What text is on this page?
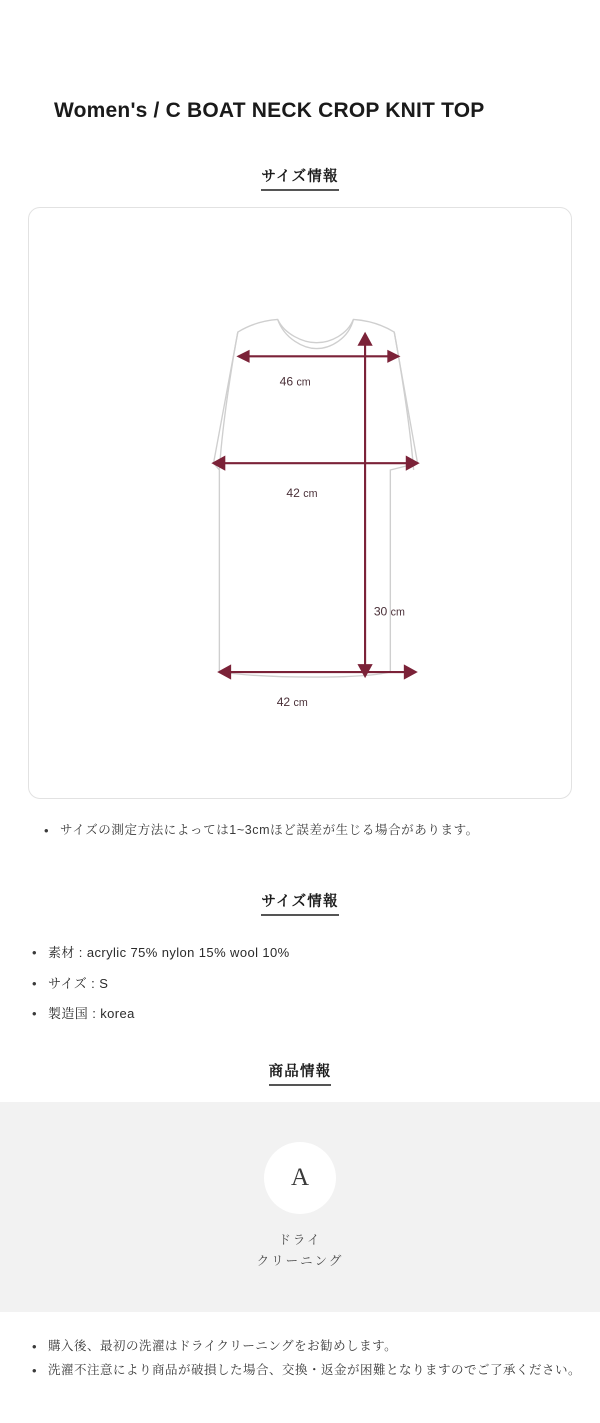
Women's / C BOAT NECK CROP KNIT TOP
サイズ情報
46 cm
42 cm
30 cm
42 cm
• サイズの測定方法によっては1~3cmほど誤差が生じる場合があります。
サイズ情報
• 素材 : acrylic 75% nylon 15% wool 10%
• サイズ : S
• 製造国 : korea
商品情報
A
ドライ
クリーニング
• 購入後、最初の洗濯はドライクリーニングをお勧めします。
• 洗濯不注意により商品が破損した場合、交換・返金が困難となりますのでご了承ください。
